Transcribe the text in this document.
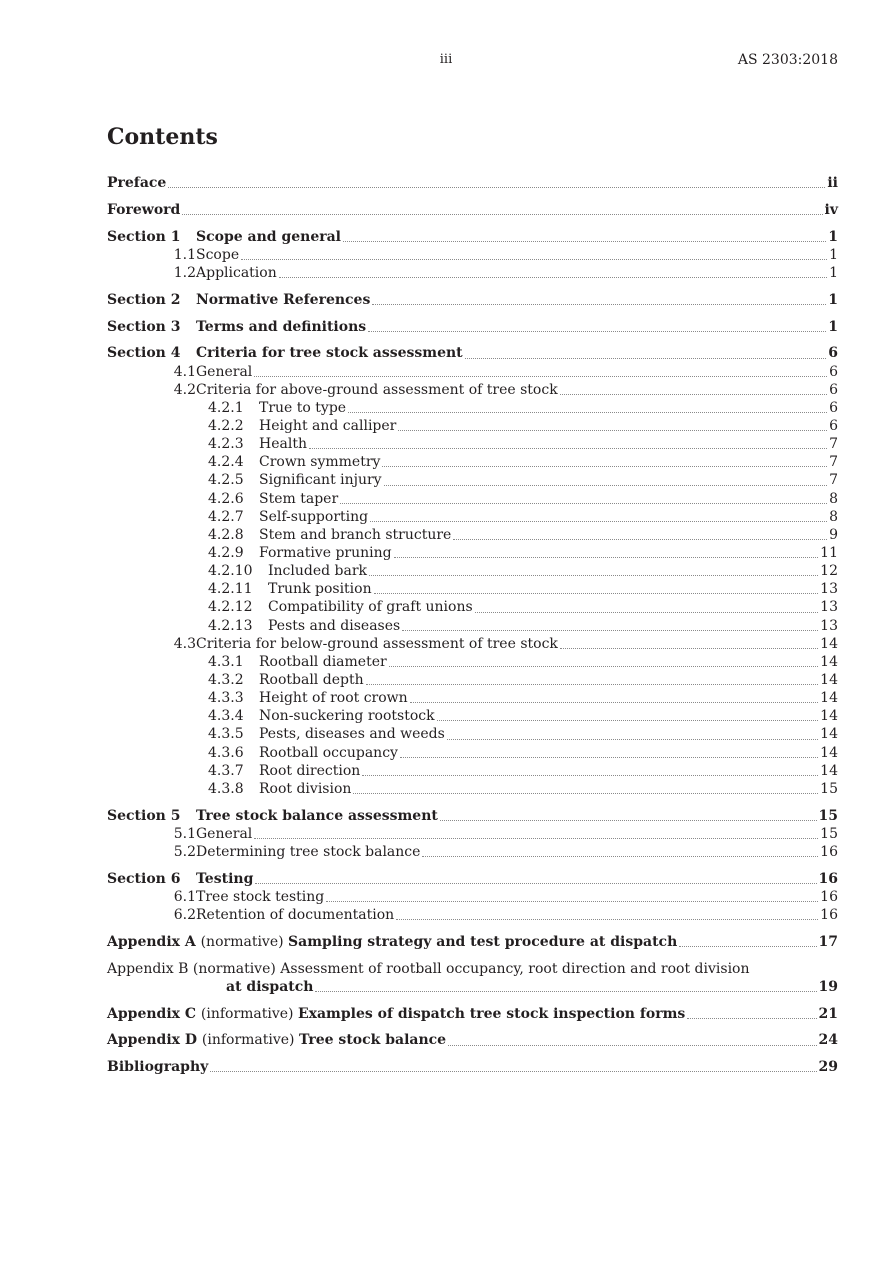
iii	AS 2303:2018
Contents
Preface	ii
Foreword	iv
Section 1	Scope and general	1
1.1 Scope	1
1.2 Application	1
Section 2	Normative References	1
Section 3	Terms and definitions	1
Section 4	Criteria for tree stock assessment	6
4.1 General	6
4.2 Criteria for above-ground assessment of tree stock	6
4.2.1	True to type	6
4.2.2	Height and calliper	6
4.2.3	Health	7
4.2.4	Crown symmetry	7
4.2.5	Significant injury	7
4.2.6	Stem taper	8
4.2.7	Self-supporting	8
4.2.8	Stem and branch structure	9
4.2.9	Formative pruning	11
4.2.10	Included bark	12
4.2.11	Trunk position	13
4.2.12	Compatibility of graft unions	13
4.2.13	Pests and diseases	13
4.3 Criteria for below-ground assessment of tree stock	14
4.3.1	Rootball diameter	14
4.3.2	Rootball depth	14
4.3.3	Height of root crown	14
4.3.4	Non-suckering rootstock	14
4.3.5	Pests, diseases and weeds	14
4.3.6	Rootball occupancy	14
4.3.7	Root direction	14
4.3.8	Root division	15
Section 5	Tree stock balance assessment	15
5.1 General	15
5.2 Determining tree stock balance	16
Section 6	Testing	16
6.1 Tree stock testing	16
6.2 Retention of documentation	16
Appendix A (normative) Sampling strategy and test procedure at dispatch	17
Appendix B (normative) Assessment of rootball occupancy, root direction and root division
at dispatch	19
Appendix C (informative) Examples of dispatch tree stock inspection forms	21
Appendix D (informative) Tree stock balance	24
Bibliography	29
